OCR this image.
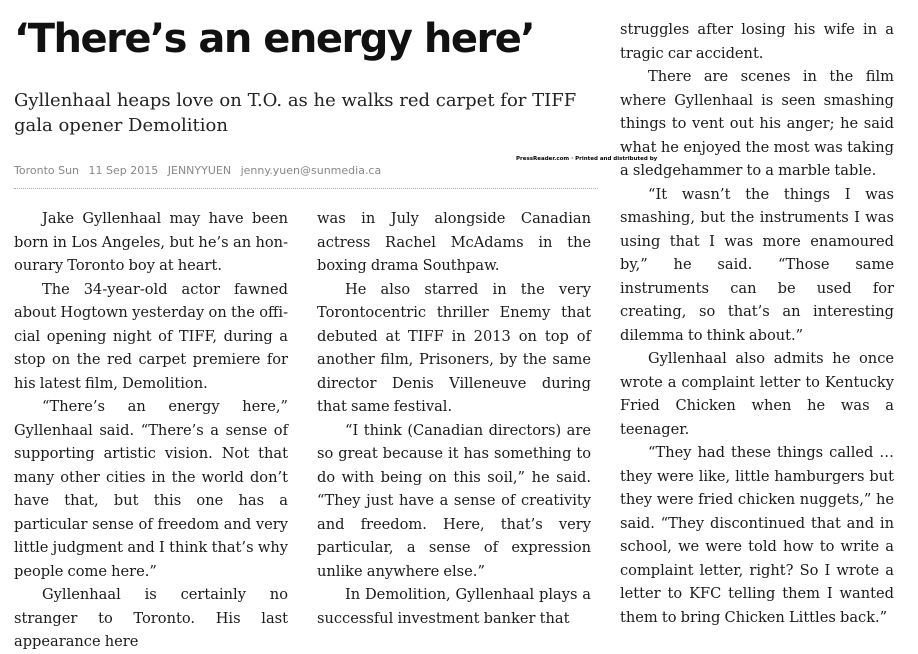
‘There’s an energy here’
Gyllenhaal heaps love on T.O. as he walks red carpet for TIFF gala opener Demolition
Toronto Sun 11 Sep 2015 JENNYYUEN jenny.yuen@sunmedia.ca
PressReader.com · Printed and distributed by

Jake Gyllenhaal may have been born in Los Angeles, but he’s an honourary Toronto boy at heart.

The 34-year-old actor fawned about Hogtown yesterday on the official opening night of TIFF, during a stop on the red carpet premiere for his latest film, Demolition.

“There’s an energy here,” Gyllenhaal said. “There’s a sense of supporting artistic vision. Not that many other cities in the world don’t have that, but this one has a particular sense of freedom and very little judgment and I think that’s why people come here.”

Gyllenhaal is certainly no stranger to Toronto. His last appearance here

was in July alongside Canadian actress Rachel McAdams in the boxing drama Southpaw.

He also starred in the very Torontocentric thriller Enemy that debuted at TIFF in 2013 on top of another film, Prisoners, by the same director Denis Villeneuve during that same festival.

“I think (Canadian directors) are so great because it has something to do with being on this soil,” he said. “They just have a sense of creativity and freedom. Here, that’s very particular, a sense of expression unlike anywhere else.”

In Demolition, Gyllenhaal plays a successful investment banker that

struggles after losing his wife in a tragic car accident.

There are scenes in the film where Gyllenhaal is seen smashing things to vent out his anger; he said what he enjoyed the most was taking a sledgehammer to a marble table.

“It wasn’t the things I was smashing, but the instruments I was using that I was more enamoured by,” he said. “Those same instruments can be used for creating, so that’s an interesting dilemma to think about.”

Gyllenhaal also admits he once wrote a complaint letter to Kentucky Fried Chicken when he was a teenager.

“They had these things called … they were like, little hamburgers but they were fried chicken nuggets,” he said. “They discontinued that and in school, we were told how to write a complaint letter, right? So I wrote a letter to KFC telling them I wanted them to bring Chicken Littles back.”
